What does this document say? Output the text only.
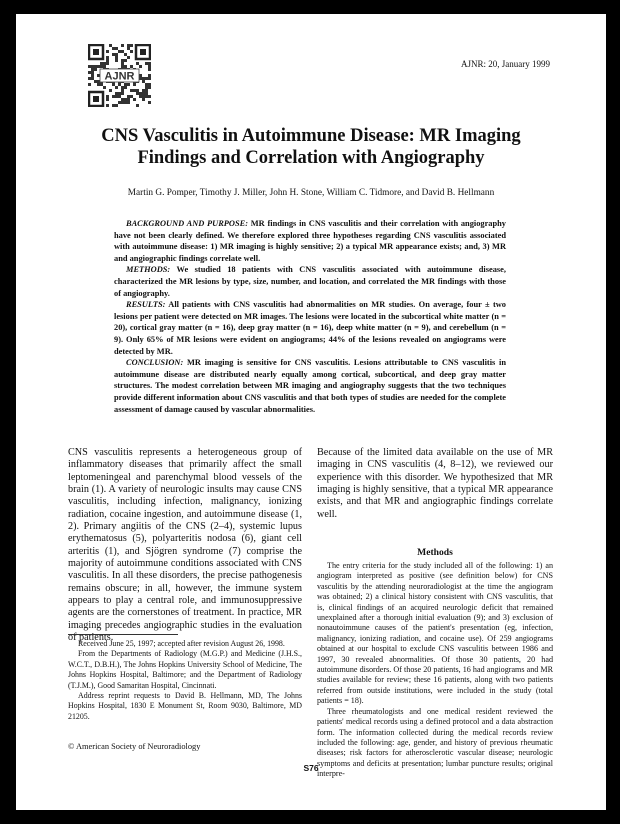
AJNR
AJNR: 20, January 1999
CNS Vasculitis in Autoimmune Disease: MR Imaging
Findings and Correlation with Angiography
Martin G. Pomper, Timothy J. Miller, John H. Stone, William C. Tidmore, and David B. Hellmann

BACKGROUND AND PURPOSE: MR findings in CNS vasculitis and their correlation with angiography have not been clearly defined. We therefore explored three hypotheses regarding CNS vasculitis associated with autoimmune disease: 1) MR imaging is highly sensitive; 2) a typical MR appearance exists; and, 3) MR and angiographic findings correlate well.

METHODS: We studied 18 patients with CNS vasculitis associated with autoimmune disease, characterized the MR lesions by type, size, number, and location, and correlated the MR findings with those of angiography.

RESULTS: All patients with CNS vasculitis had abnormalities on MR studies. On average, four ± two lesions per patient were detected on MR images. The lesions were located in the subcortical white matter (n = 20), cortical gray matter (n = 16), deep gray matter (n = 16), deep white matter (n = 9), and cerebellum (n = 9). Only 65% of MR lesions were evident on angiograms; 44% of the lesions revealed on angiograms were detected by MR.

CONCLUSION: MR imaging is sensitive for CNS vasculitis. Lesions attributable to CNS vasculitis in autoimmune disease are distributed nearly equally among cortical, subcortical, and deep gray matter structures. The modest correlation between MR imaging and angiography suggests that the two techniques provide different information about CNS vasculitis and that both types of studies are needed for the complete assessment of damage caused by vascular abnormalities.

CNS vasculitis represents a heterogeneous group of inflammatory diseases that primarily affect the small leptomeningeal and parenchymal blood vessels of the brain (1). A variety of neurologic insults may cause CNS vasculitis, including infection, malignancy, ionizing radiation, cocaine ingestion, and autoimmune disease (1, 2). Primary angiitis of the CNS (2–4), systemic lupus erythematosus (5), polyarteritis nodosa (6), giant cell arteritis (1), and Sjögren syndrome (7) comprise the majority of autoimmune conditions associated with CNS vasculitis. In all these disorders, the precise pathogenesis remains obscure; in all, however, the immune system appears to play a central role, and immunosuppressive agents are the cornerstones of treatment. In practice, MR imaging precedes angiographic studies in the evaluation of patients.

Received June 25, 1997; accepted after revision August 26, 1998.

From the Departments of Radiology (M.G.P.) and Medicine (J.H.S., W.C.T., D.B.H.), The Johns Hopkins University School of Medicine, The Johns Hopkins Hospital, Baltimore; and the Department of Radiology (T.J.M.), Good Samaritan Hospital, Cincinnati.

Address reprint requests to David B. Hellmann, MD, The Johns Hopkins Hospital, 1830 E Monument St, Room 9030, Baltimore, MD 21205.

© American Society of Neuroradiology

Because of the limited data available on the use of MR imaging in CNS vasculitis (4, 8–12), we reviewed our experience with this disorder. We hypothesized that MR imaging is highly sensitive, that a typical MR appearance exists, and that MR and angiographic findings correlate well.

Methods

The entry criteria for the study included all of the following: 1) an angiogram interpreted as positive (see definition below) for CNS vasculitis by the attending neuroradiologist at the time the angiogram was obtained; 2) a clinical history consistent with CNS vasculitis, that is, clinical findings of an acquired neurologic deficit that remained unexplained after a thorough initial evaluation (9); and 3) exclusion of nonautoimmune causes of the patient's presentation (eg, infection, malignancy, ionizing radiation, and cocaine use). Of 259 angiograms obtained at our hospital to exclude CNS vasculitis between 1986 and 1997, 30 revealed abnormalities. Of those 30 patients, 20 had autoimmune disorders. Of those 20 patients, 16 had angiograms and MR studies available for review; these 16 patients, along with two patients referred from outside institutions, were included in the study (total patients = 18).

Three rheumatologists and one medical resident reviewed the patients' medical records using a defined protocol and a data abstraction form. The information collected during the medical records review included the following: age, gender, and history of previous rheumatic diseases; risk factors for atherosclerotic vascular disease; neurologic symptoms and deficits at presentation; lumbar puncture results; original interpre-

S76
